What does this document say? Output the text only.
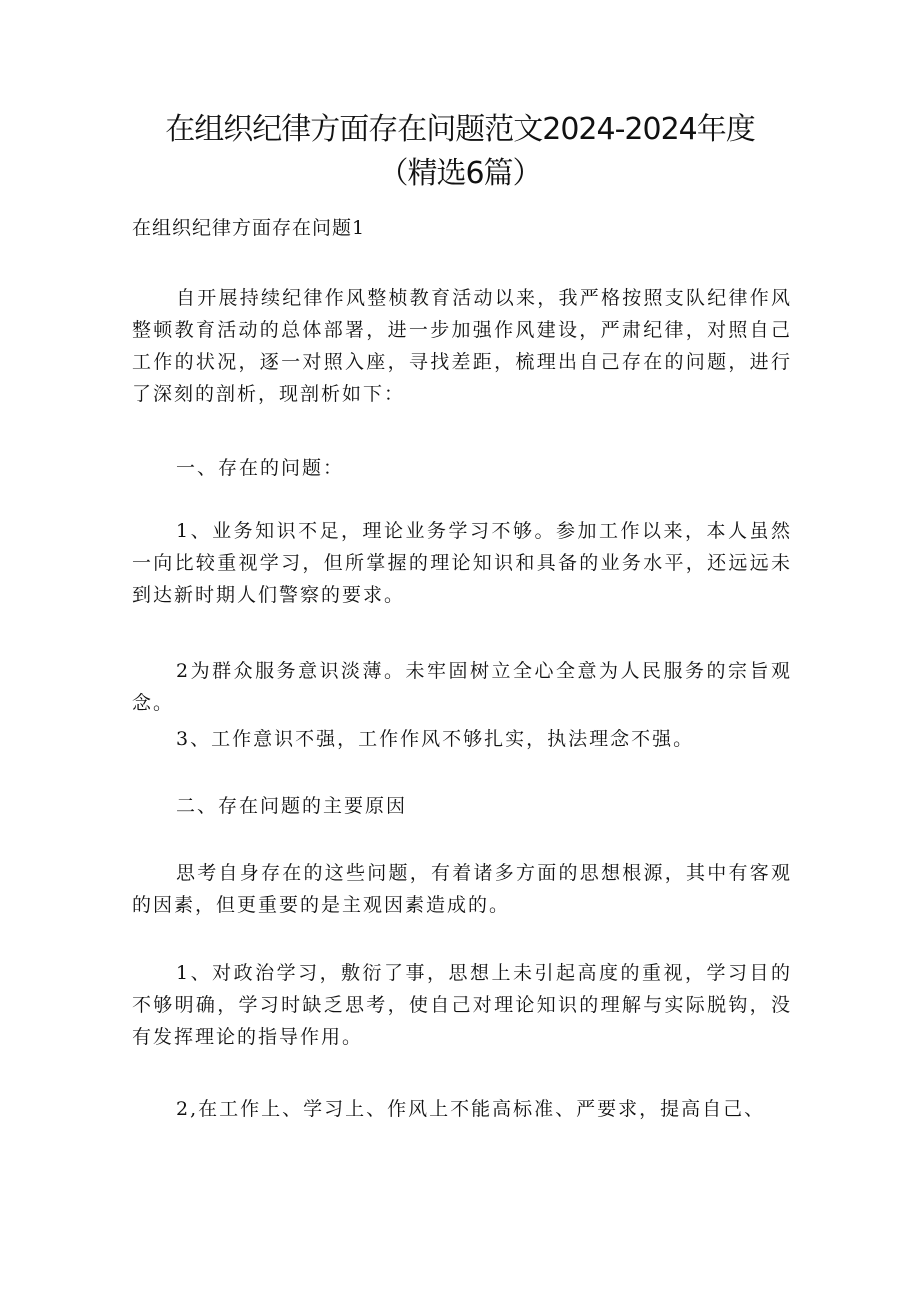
在组织纪律方面存在问题范文2024-2024年度（精选6篇）
在组织纪律方面存在问题1

自开展持续纪律作风整桢教育活动以来，我严格按照支队纪律作风整顿教育活动的总体部署，进一步加强作风建设，严肃纪律，对照自己工作的状况，逐一对照入座，寻找差距，梳理出自己存在的问题，进行了深刻的剖析，现剖析如下：

一、存在的问题：

1、业务知识不足，理论业务学习不够。参加工作以来，本人虽然一向比较重视学习，但所掌握的理论知识和具备的业务水平，还远远未到达新时期人们警察的要求。

2为群众服务意识淡薄。未牢固树立全心全意为人民服务的宗旨观念。

3、工作意识不强，工作作风不够扎实，执法理念不强。

二、存在问题的主要原因

思考自身存在的这些问题，有着诸多方面的思想根源，其中有客观的因素，但更重要的是主观因素造成的。

1、对政治学习，敷衍了事，思想上未引起高度的重视，学习目的不够明确，学习时缺乏思考，使自己对理论知识的理解与实际脱钩，没有发挥理论的指导作用。

2,在工作上、学习上、作风上不能高标准、严要求，提高自己、
